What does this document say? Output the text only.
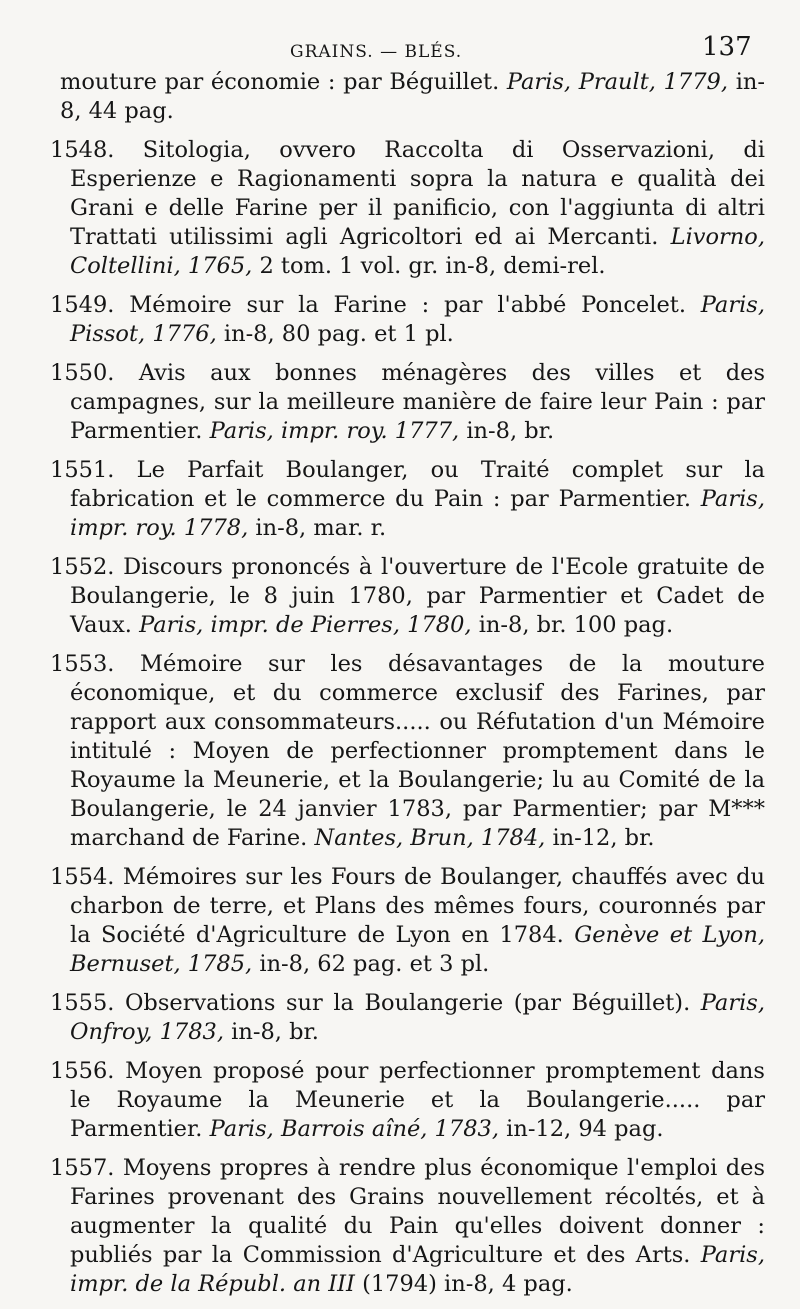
GRAINS. — BLÉS.	137

mouture par économie : par Béguillet. Paris, Prault, 1779, in-8, 44 pag.

1548. Sitologia, ovvero Raccolta di Osservazioni, di Esperienze e Ragionamenti sopra la natura e qualità dei Grani e delle Farine per il panificio, con l'aggiunta di altri Trattati utilissimi agli Agricoltori ed ai Mercanti. Livorno, Coltellini, 1765, 2 tom. 1 vol. gr. in-8, demi-rel.

1549. Mémoire sur la Farine : par l'abbé Poncelet. Paris, Pissot, 1776, in-8, 80 pag. et 1 pl.

1550. Avis aux bonnes ménagères des villes et des campagnes, sur la meilleure manière de faire leur Pain : par Parmentier. Paris, impr. roy. 1777, in-8, br.

1551. Le Parfait Boulanger, ou Traité complet sur la fabrication et le commerce du Pain : par Parmentier. Paris, impr. roy. 1778, in-8, mar. r.

1552. Discours prononcés à l'ouverture de l'Ecole gratuite de Boulangerie, le 8 juin 1780, par Parmentier et Cadet de Vaux. Paris, impr. de Pierres, 1780, in-8, br. 100 pag.

1553. Mémoire sur les désavantages de la mouture économique, et du commerce exclusif des Farines, par rapport aux consommateurs..... ou Réfutation d'un Mémoire intitulé : Moyen de perfectionner promptement dans le Royaume la Meunerie, et la Boulangerie; lu au Comité de la Boulangerie, le 24 janvier 1783, par Parmentier; par M*** marchand de Farine. Nantes, Brun, 1784, in-12, br.

1554. Mémoires sur les Fours de Boulanger, chauffés avec du charbon de terre, et Plans des mêmes fours, couronnés par la Société d'Agriculture de Lyon en 1784. Genève et Lyon, Bernuset, 1785, in-8, 62 pag. et 3 pl.

1555. Observations sur la Boulangerie (par Béguillet). Paris, Onfroy, 1783, in-8, br.

1556. Moyen proposé pour perfectionner promptement dans le Royaume la Meunerie et la Boulangerie..... par Parmentier. Paris, Barrois aîné, 1783, in-12, 94 pag.

1557. Moyens propres à rendre plus économique l'emploi des Farines provenant des Grains nouvellement récoltés, et à augmenter la qualité du Pain qu'elles doivent donner : publiés par la Commission d'Agriculture et des Arts. Paris, impr. de la Républ. an III (1794) in-8, 4 pag.
